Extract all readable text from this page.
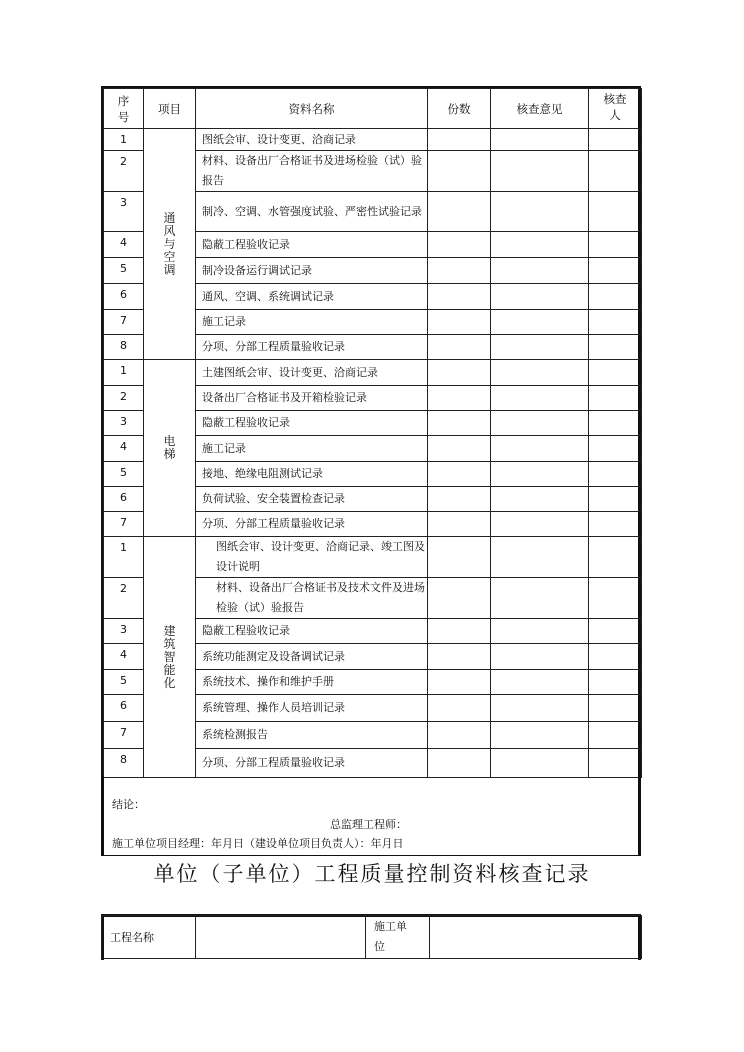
序号	项目	资料名称	份数	核查意见	核查人
1	通风与空调	图纸会审、设计变更、洽商记录			
2		材料、设备出厂合格证书及进场检验（试）验报告			
3		制冷、空调、水管强度试验、严密性试验记录			
4		隐蔽工程验收记录			
5		制冷设备运行调试记录			
6		通风、空调、系统调试记录			
7		施工记录			
8		分项、分部工程质量验收记录			
1	电梯	土建图纸会审、设计变更、洽商记录			
2		设备出厂合格证书及开箱检验记录			
3		隐蔽工程验收记录			
4		施工记录			
5		接地、绝缘电阻测试记录			
6		负荷试验、安全装置检查记录			
7		分项、分部工程质量验收记录			
1	建筑智能化	图纸会审、设计变更、洽商记录、竣工图及设计说明			
2		材料、设备出厂合格证书及技术文件及进场检验（试）验报告			
3		隐蔽工程验收记录			
4		系统功能测定及设备调试记录			
5		系统技术、操作和维护手册			
6		系统管理、操作人员培训记录			
7		系统检测报告			
8		分项、分部工程质量验收记录			
结论：
总监理工程师：
施工单位项目经理：年月日（建设单位项目负责人）：年月日
单位（子单位）工程质量控制资料核查记录
工程名称		施工单位	
